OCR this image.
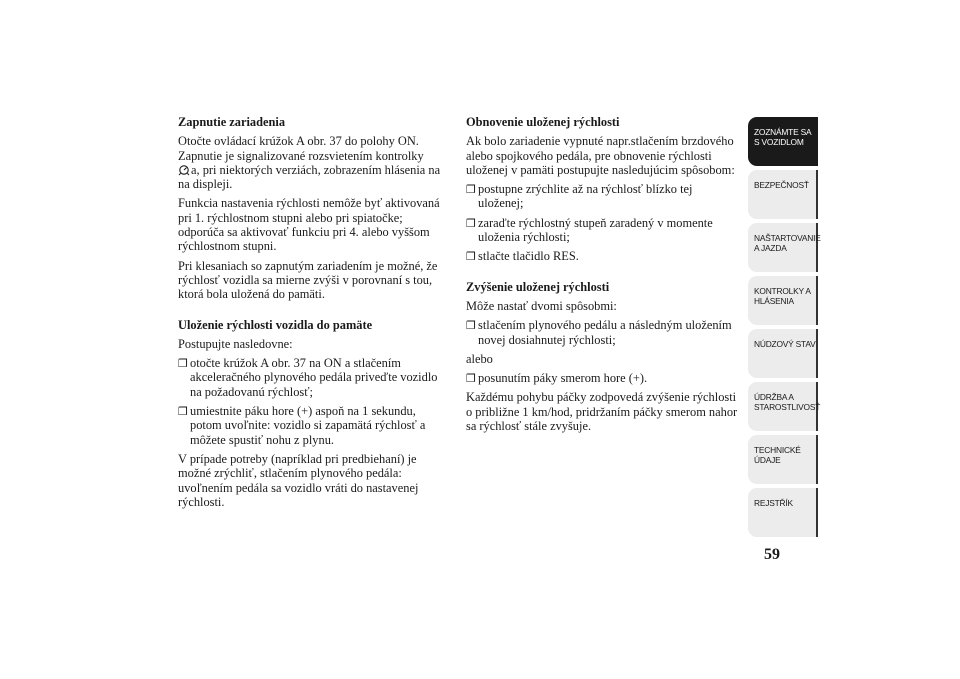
Zapnutie zariadenia
Otočte ovládací krúžok A obr. 37 do polohy ON. Zapnutie je signalizované rozsvietením kontrolky
a, pri niektorých verziách, zobrazením hlásenia na na displeji.
Funkcia nastavenia rýchlosti nemôže byť aktivovaná pri 1. rýchlostnom stupni alebo pri spiatočke; odporúča sa aktivovať funkciu pri 4. alebo vyššom rýchlostnom stupni.
Pri klesaniach so zapnutým zariadením je možné, že rýchlosť vozidla sa mierne zvýši v porovnaní s tou, ktorá bola uložená do pamäti.
Uloženie rýchlosti vozidla do pamäte
Postupujte nasledovne:
❒ otočte krúžok A obr. 37 na ON a stlačením akceleračného plynového pedála priveďte vozidlo na požadovanú rýchlosť;
❒ umiestnite páku hore (+) aspoň na 1 sekundu, potom uvoľnite: vozidlo si zapamätá rýchlosť a môžete spustiť nohu z plynu.
V prípade potreby (napríklad pri predbiehaní) je možné zrýchliť, stlačením plynového pedála: uvoľnením pedála sa vozidlo vráti do nastavenej rýchlosti.
Obnovenie uloženej rýchlosti
Ak bolo zariadenie vypnuté napr.stlačením brzdového alebo spojkového pedála, pre obnovenie rýchlosti uloženej v pamäti postupujte nasledujúcim spôsobom:
❒ postupne zrýchlite až na rýchlosť blízko tej uloženej;
❒ zaraďte rýchlostný stupeň zaradený v momente uloženia rýchlosti;
❒ stlačte tlačidlo RES.
Zvýšenie uloženej rýchlosti
Môže nastať dvomi spôsobmi:
❒ stlačením plynového pedálu a následným uložením novej dosiahnutej rýchlosti;
alebo
❒ posunutím páky smerom hore (+).
Každému pohybu páčky zodpovedá zvýšenie rýchlosti o približne 1 km/hod, pridržaním páčky smerom nahor sa rýchlosť stále zvyšuje.
ZOZNÁMTE SA S VOZIDLOM
BEZPEČNOSŤ
NAŠTARTOVANIE A JAZDA
KONTROLKY A HLÁSENIA
NÚDZOVÝ STAV
ÚDRŽBA A STAROSTLIVOSŤ
TECHNICKÉ ÚDAJE
REJSTŘÍK
59
